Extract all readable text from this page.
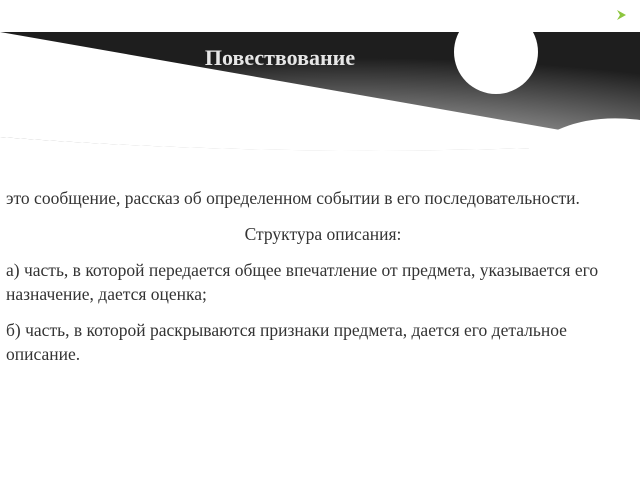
Повествование

это сообщение, рассказ об определенном событии в его последовательности.

Структура описания:

а) часть, в которой передается общее впечатление от предмета, указывается его назначение, дается оценка;

б) часть, в которой раскрываются признаки предмета, дается его детальное описание.
